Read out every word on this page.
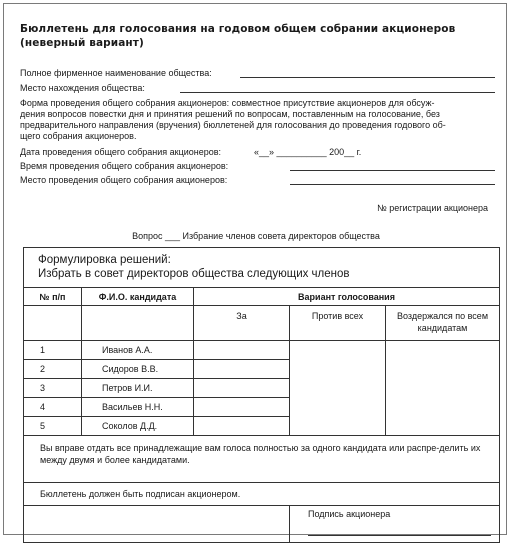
Бюллетень для голосования на годовом общем собрании акционеров
(неверный вариант)
Полное фирменное наименование общества:
Место нахождения общества:
Форма проведения общего собрания акционеров: совместное присутствие акционеров для обсуж-
дения вопросов повестки дня и принятия решений по вопросам, поставленным на голосование, без
предварительного направления (вручения) бюллетеней для голосования до проведения годового об-
щего собрания акционеров.
Дата проведения общего собрания акционеров:	«__» __________ 200__ г.
Время проведения общего собрания акционеров:
Место проведения общего собрания акционеров:
№ регистрации акционера
Вопрос ___ Избрание членов совета директоров общества
Формулировка решений:
Избрать в совет директоров общества следующих членов				

№ п/п	Ф.И.О. кандидата	Вариант голосования		
		За	Против всех	Воздержался по всем кандидатам
1	Иванов А.А.			
2	Сидоров В.В.			
3	Петров И.И.			
4	Васильев Н.Н.			
5	Соколов Д.Д.			
Вы вправе отдать все принадлежащие вам голоса полностью за одного кандидата или распре-делить их между двумя и более кандидатами.				
Бюллетень должен быть подписан акционером.				
			Подпись акционера	
